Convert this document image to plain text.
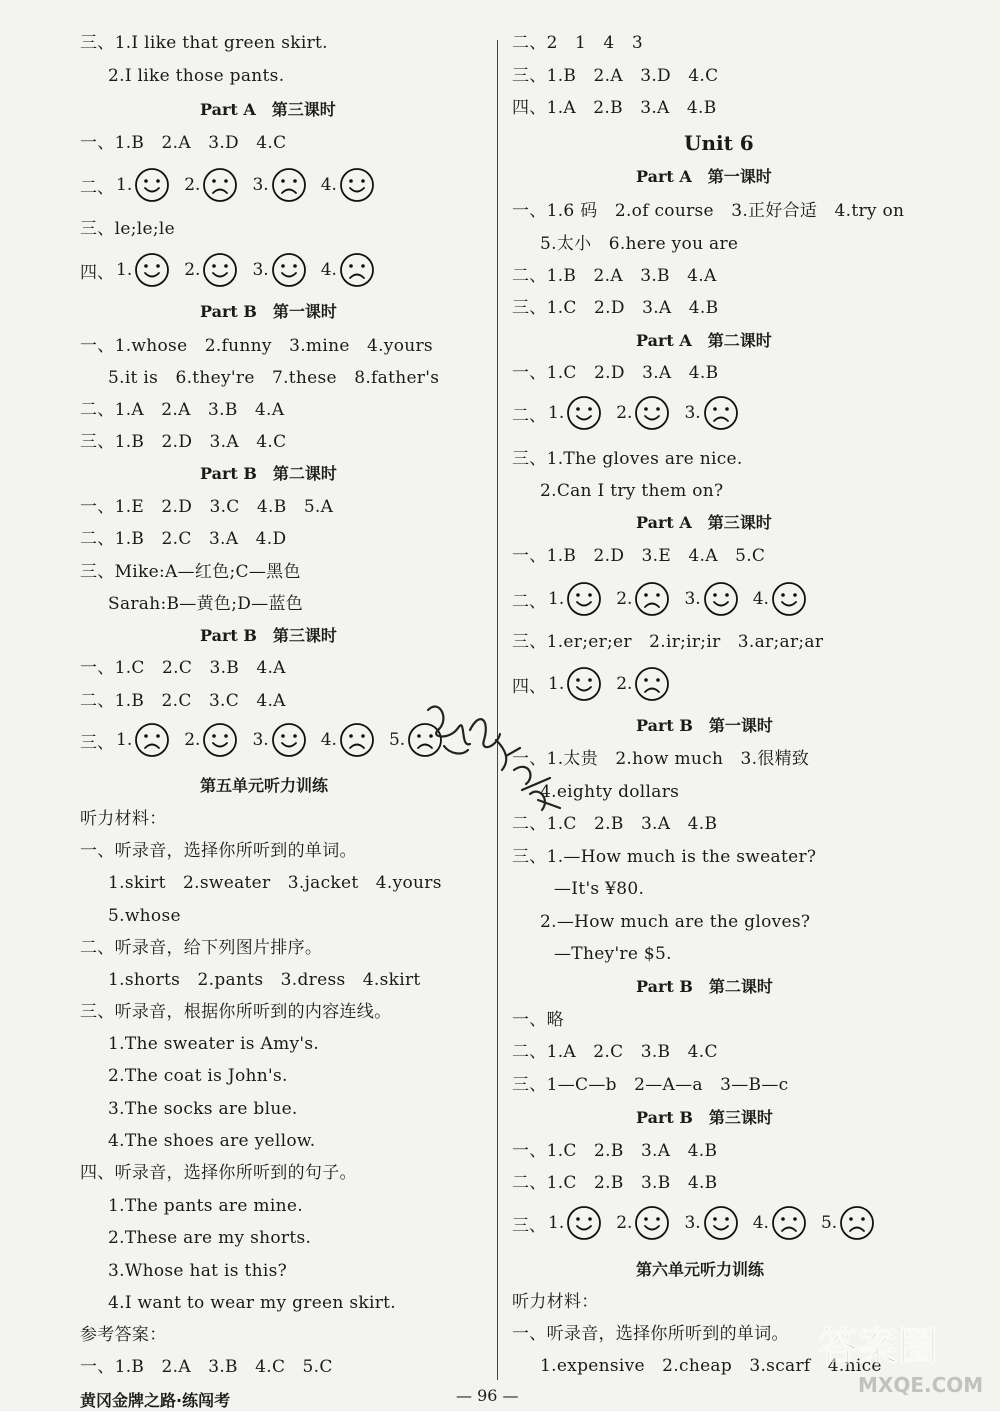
三、1.I like that green skirt.
2.I like those pants.
Part A　第三课时
一、1.B　2.A　3.D　4.C
二、 1.	2.	3.	4.
三、le;le;le
四、 1.	2.	3.	4.
Part B　第一课时
一、1.whose　2.funny　3.mine　4.yours
5.it is　6.they're　7.these　8.father's
二、1.A　2.A　3.B　4.A
三、1.B　2.D　3.A　4.C
Part B　第二课时
一、1.E　2.D　3.C　4.B　5.A
二、1.B　2.C　3.A　4.D
三、Mike:A—红色;C—黑色
Sarah:B—黄色;D—蓝色
Part B　第三课时
一、1.C　2.C　3.B　4.A
二、1.B　2.C　3.C　4.A
三、 1.	2.	3.	4.	5.
第五单元听力训练
听力材料：
一、听录音，选择你所听到的单词。
1.skirt　2.sweater　3.jacket　4.yours
5.whose
二、听录音，给下列图片排序。
1.shorts　2.pants　3.dress　4.skirt
三、听录音，根据你所听到的内容连线。
1.The sweater is Amy's.
2.The coat is John's.
3.The socks are blue.
4.The shoes are yellow.
四、听录音，选择你所听到的句子。
1.The pants are mine.
2.These are my shorts.
3.Whose hat is this?
4.I want to wear my green skirt.
参考答案：
一、1.B　2.A　3.B　4.C　5.C
二、2　1　4　3
三、1.B　2.A　3.D　4.C
四、1.A　2.B　3.A　4.B
Unit 6
Part A　第一课时
一、1.6 码　2.of course　3.正好合适　4.try on
5.太小　6.here you are
二、1.B　2.A　3.B　4.A
三、1.C　2.D　3.A　4.B
Part A　第二课时
一、1.C　2.D　3.A　4.B
二、 1.	2.	3.
三、1.The gloves are nice.
2.Can I try them on?
Part A　第三课时
一、1.B　2.D　3.E　4.A　5.C
二、 1.	2.	3.	4.
三、1.er;er;er　2.ir;ir;ir　3.ar;ar;ar
四、 1.	2.
Part B　第一课时
一、1.太贵　2.how much　3.很精致
4.eighty dollars
二、1.C　2.B　3.A　4.B
三、1.—How much is the sweater?
—It's ¥80.
2.—How much are the gloves?
—They're $5.
Part B　第二课时
一、略
二、1.A　2.C　3.B　4.C
三、1—C—b　2—A—a　3—B—c
Part B　第三课时
一、1.C　2.B　3.A　4.B
二、1.C　2.B　3.B　4.B
三、 1.	2.	3.	4.	5.
第六单元听力训练
听力材料：
一、听录音，选择你所听到的单词。
1.expensive　2.cheap　3.scarf　4.nice
答案圈
MXQE.COM
黄冈金牌之路·练闯考	— 96 —
